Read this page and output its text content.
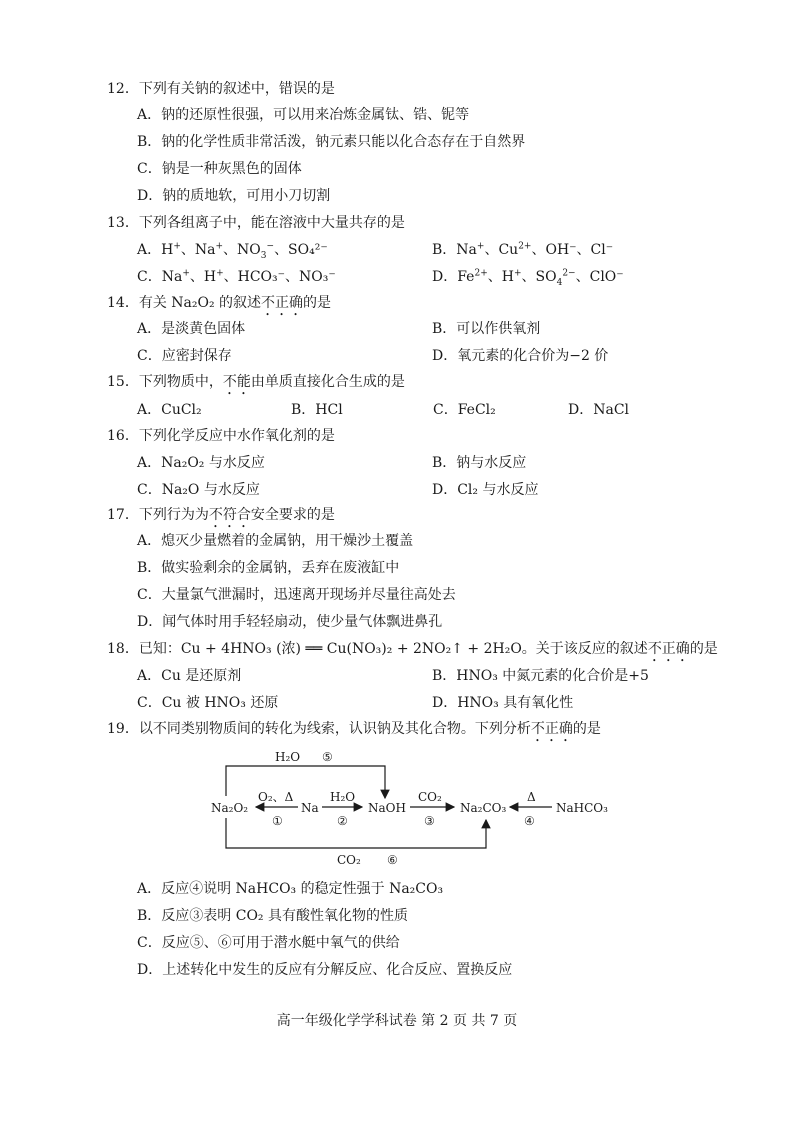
12．下列有关钠的叙述中，错误的是
A．钠的还原性很强，可以用来冶炼金属钛、锆、铌等
B．钠的化学性质非常活泼，钠元素只能以化合态存在于自然界
C．钠是一种灰黑色的固体
D．钠的质地软，可用小刀切割
13．下列各组离子中，能在溶液中大量共存的是
A．H+、Na+、$NO_3^-$、SO₄²⁻	B．Na+、$Cu^{2+}$、OH⁻、Cl⁻
C．Na+、H+、HCO₃⁻、NO₃⁻	D．$Fe^{2+}$、H+、$SO_4^{2-}$、ClO⁻
14．有关 Na₂O₂ 的叙述不正确的是
A．是淡黄色固体	B．可以作供氧剂
C．应密封保存	D．氧元素的化合价为−2 价
15．下列物质中，不能由单质直接化合生成的是
A．CuCl₂	B．HCl	C．FeCl₂	D．NaCl
16．下列化学反应中水作氧化剂的是
A．Na₂O₂ 与水反应	B．钠与水反应
C．Na₂O 与水反应	D．Cl₂ 与水反应
17．下列行为为不符合安全要求的是
A．熄灭少量燃着的金属钠，用干燥沙土覆盖
B．做实验剩余的金属钠，丢弃在废液缸中
C．大量氯气泄漏时，迅速离开现场并尽量往高处去
D．闻气体时用手轻轻扇动，使少量气体飘进鼻孔
18．已知：Cu + 4HNO₃ (浓) ══ Cu(NO₃)₂ + 2NO₂↑ + 2H₂O。关于该反应的叙述不正确的是
A．Cu 是还原剂	B．HNO₃ 中氮元素的化合价是+5
C．Cu 被 HNO₃ 还原	D．HNO₃ 具有氧化性
19．以不同类别物质间的转化为线索，认识钠及其化合物。下列分析不正确的是
H₂O ⑤
CO₂ ⑥
Na₂O₂	Na	NaOH	Na₂CO₃	NaHCO₃
O₂、Δ
①
H₂O
②
CO₂
③
Δ
④
A．反应④说明 NaHCO₃ 的稳定性强于 Na₂CO₃
B．反应③表明 CO₂ 具有酸性氧化物的性质
C．反应⑤、⑥可用于潜水艇中氧气的供给
D．上述转化中发生的反应有分解反应、化合反应、置换反应
高一年级化学学科试卷 第 2 页 共 7 页
